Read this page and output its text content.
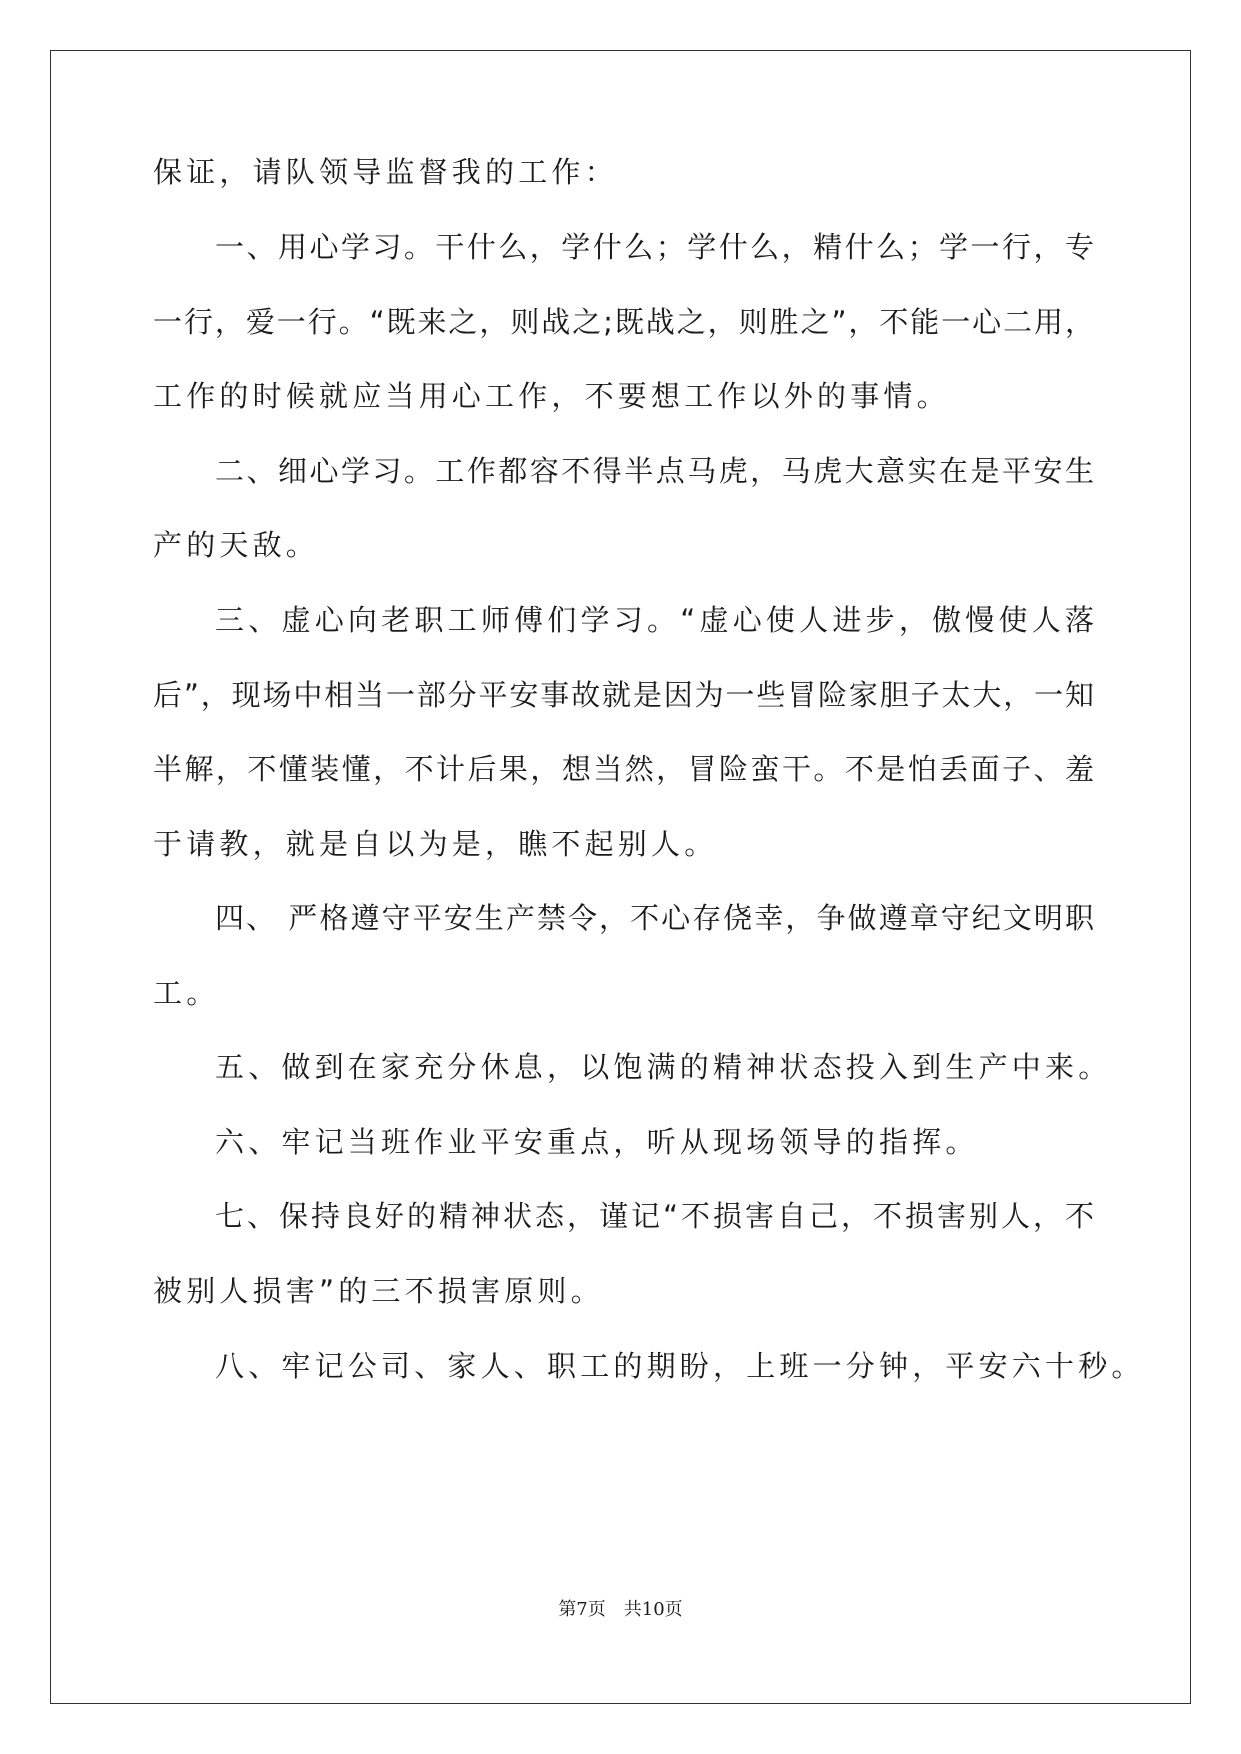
保证，请队领导监督我的工作：
一、用心学习。干什么，学什么；学什么，精什么；学一行，专
一行，爱一行。“既来之，则战之;既战之，则胜之”，不能一心二用，
工作的时候就应当用心工作，不要想工作以外的事情。
二、细心学习。工作都容不得半点马虎，马虎大意实在是平安生
产的天敌。
三、虚心向老职工师傅们学习。“虚心使人进步，傲慢使人落
后”，现场中相当一部分平安事故就是因为一些冒险家胆子太大，一知
半解，不懂装懂，不计后果，想当然，冒险蛮干。不是怕丢面子、羞
于请教，就是自以为是，瞧不起别人。
四、 严格遵守平安生产禁令，不心存侥幸，争做遵章守纪文明职
工。
五、做到在家充分休息，以饱满的精神状态投入到生产中来。
六、牢记当班作业平安重点，听从现场领导的指挥。
七、保持良好的精神状态，谨记“不损害自己，不损害别人，不
被别人损害”的三不损害原则。
八、牢记公司、家人、职工的期盼，上班一分钟，平安六十秒。
第7页　共10页
